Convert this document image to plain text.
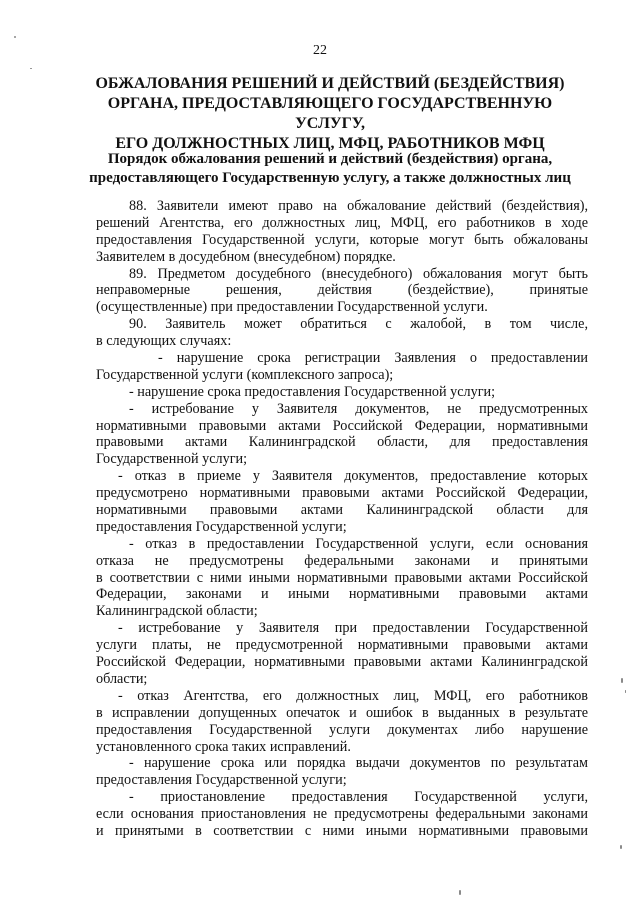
22
ОБЖАЛОВАНИЯ РЕШЕНИЙ И ДЕЙСТВИЙ (БЕЗДЕЙСТВИЯ)
ОРГАНА, ПРЕДОСТАВЛЯЮЩЕГО ГОСУДАРСТВЕННУЮ УСЛУГУ,
ЕГО ДОЛЖНОСТНЫХ ЛИЦ, МФЦ, РАБОТНИКОВ МФЦ
Порядок обжалования решений и действий (бездействия) органа,
предоставляющего Государственную услугу, а также должностных лиц
88. Заявители имеют право на обжалование действий (бездействия),
решений Агентства, его должностных лиц, МФЦ, его работников в ходе
предоставления Государственной услуги, которые могут быть обжалованы
Заявителем в досудебном (внесудебном) порядке.
89. Предметом досудебного (внесудебного) обжалования могут быть
неправомерные решения, действия (бездействие), принятые
(осуществленные) при предоставлении Государственной услуги.
90. Заявитель может обратиться с жалобой, в том числе,
в следующих случаях:
- нарушение срока регистрации Заявления о предоставлении
Государственной услуги (комплексного запроса);
- нарушение срока предоставления Государственной услуги;
- истребование у Заявителя документов, не предусмотренных
нормативными правовыми актами Российской Федерации, нормативными
правовыми актами Калининградской области, для предоставления
Государственной услуги;
- отказ в приеме у Заявителя документов, предоставление которых
предусмотрено нормативными правовыми актами Российской Федерации,
нормативными правовыми актами Калининградской области для
предоставления Государственной услуги;
- отказ в предоставлении Государственной услуги, если основания
отказа не предусмотрены федеральными законами и принятыми
в соответствии с ними иными нормативными правовыми актами Российской
Федерации, законами и иными нормативными правовыми актами
Калининградской области;
- истребование у Заявителя при предоставлении Государственной
услуги платы, не предусмотренной нормативными правовыми актами
Российской Федерации, нормативными правовыми актами Калининградской
области;
- отказ Агентства, его должностных лиц, МФЦ, его работников
в исправлении допущенных опечаток и ошибок в выданных в результате
предоставления Государственной услуги документах либо нарушение
установленного срока таких исправлений.
- нарушение срока или порядка выдачи документов по результатам
предоставления Государственной услуги;
- приостановление предоставления Государственной услуги,
если основания приостановления не предусмотрены федеральными законами
и принятыми в соответствии с ними иными нормативными правовыми
